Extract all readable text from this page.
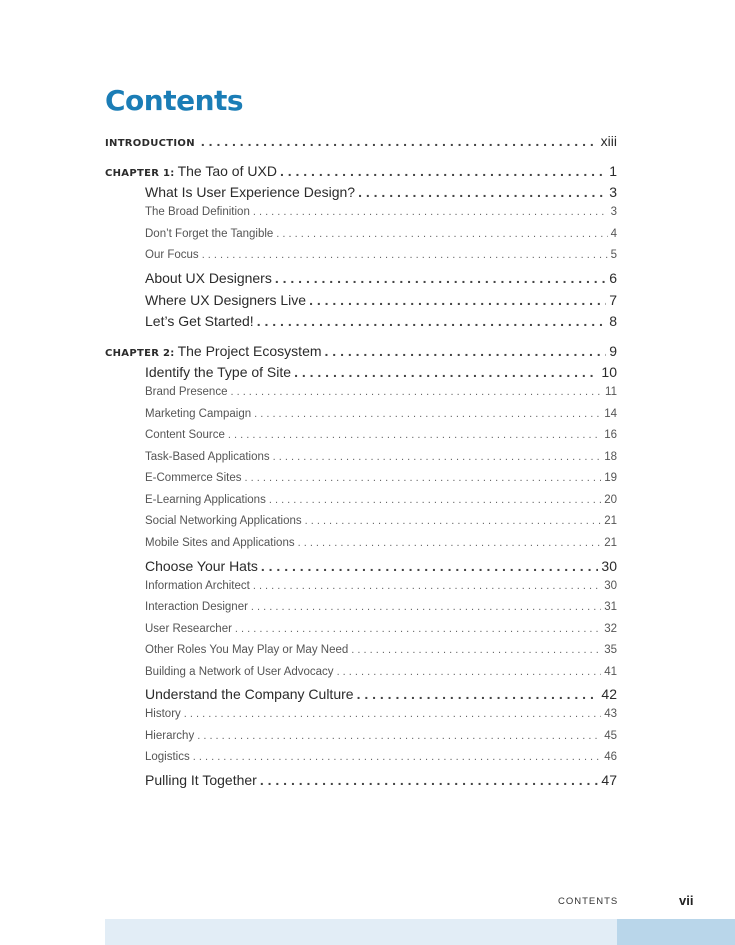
Contents
INTRODUCTION . . .	xiii
CHAPTER 1: The Tao of UXD . . .	1
What Is User Experience Design? . . .	3
The Broad Definition . . .	3
Don’t Forget the Tangible . . .	4
Our Focus . . .	5
About UX Designers . . .	6
Where UX Designers Live . . .	7
Let’s Get Started! . . .	8
CHAPTER 2: The Project Ecosystem . . .	9
Identify the Type of Site . . .	10
Brand Presence . . .	11
Marketing Campaign . . .	14
Content Source . . .	16
Task-Based Applications . . .	18
E-Commerce Sites . . .	19
E-Learning Applications . . .	20
Social Networking Applications . . .	21
Mobile Sites and Applications . . .	21
Choose Your Hats . . .	30
Information Architect . . .	30
Interaction Designer . . .	31
User Researcher . . .	32
Other Roles You May Play or May Need . . .	35
Building a Network of User Advocacy . . .	41
Understand the Company Culture . . .	42
History . . .	43
Hierarchy . . .	45
Logistics . . .	46
Pulling It Together . . .	47
CONTENTS	vii
